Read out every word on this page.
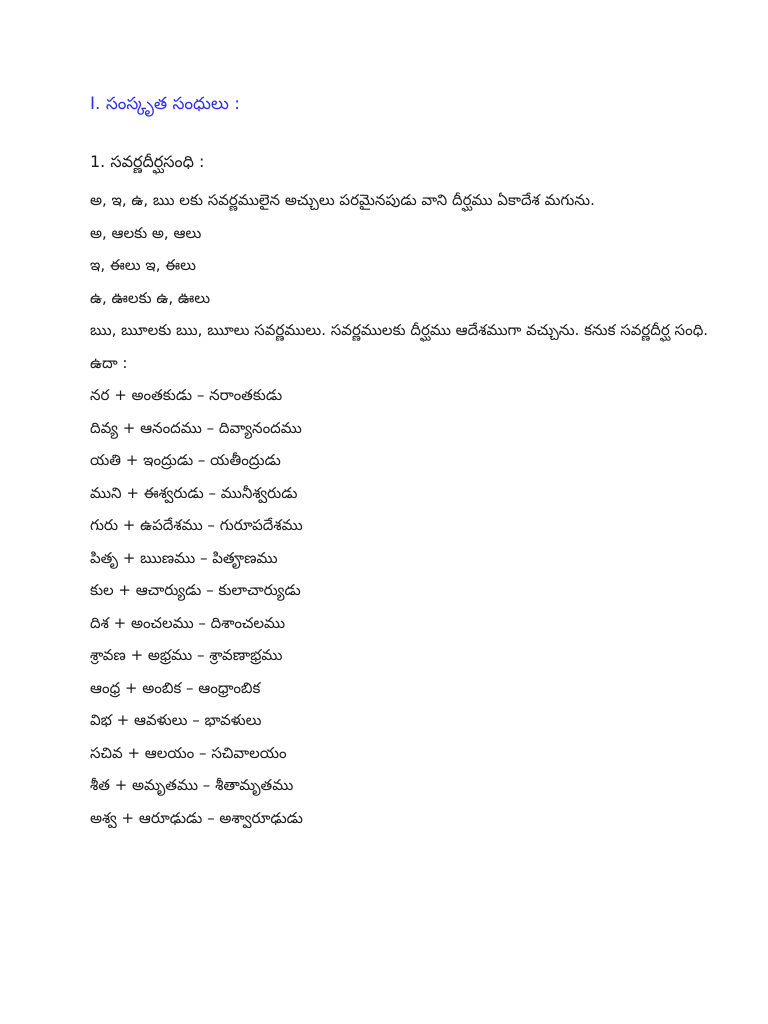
I. సంస్కృత సంధులు :
1. సవర్ణదీర్ఘసంధి :
అ, ఇ, ఉ, ఋ లకు సవర్ణములైన అచ్చులు పరమైనపుడు వాని దీర్ఘము ఏకాదేశ మగును.
అ, ఆలకు అ, ఆలు
ఇ, ఈలు ఇ, ఈలు
ఉ, ఊలకు ఉ, ఊలు
ఋ, ౠలకు ఋ, ౠలు సవర్ణములు. సవర్ణములకు దీర్ఘము ఆదేశముగా వచ్చును. కనుక సవర్ణదీర్ఘ సంధి.
ఉదా :
నర + అంతకుడు – నరాంతకుడు
దివ్య + ఆనందము – దివ్యానందము
యతి + ఇంద్రుడు – యతీంద్రుడు
ముని + ఈశ్వరుడు – మునీశ్వరుడు
గురు + ఉపదేశము – గురూపదేశము
పితృ + ఋణము – పితౄణము
కుల + ఆచార్యుడు – కులాచార్యుడు
దిశ + అంచలము – దిశాంచలము
శ్రావణ + అభ్రము – శ్రావణాభ్రము
ఆంధ్ర + అంబిక – ఆంధ్రాంబిక
విభ + ఆవళులు – భావళులు
సచివ + ఆలయం – సచివాలయం
శీత + అమృతము – శీతామృతము
అశ్వ + ఆరూఢుడు – అశ్వారూఢుడు
